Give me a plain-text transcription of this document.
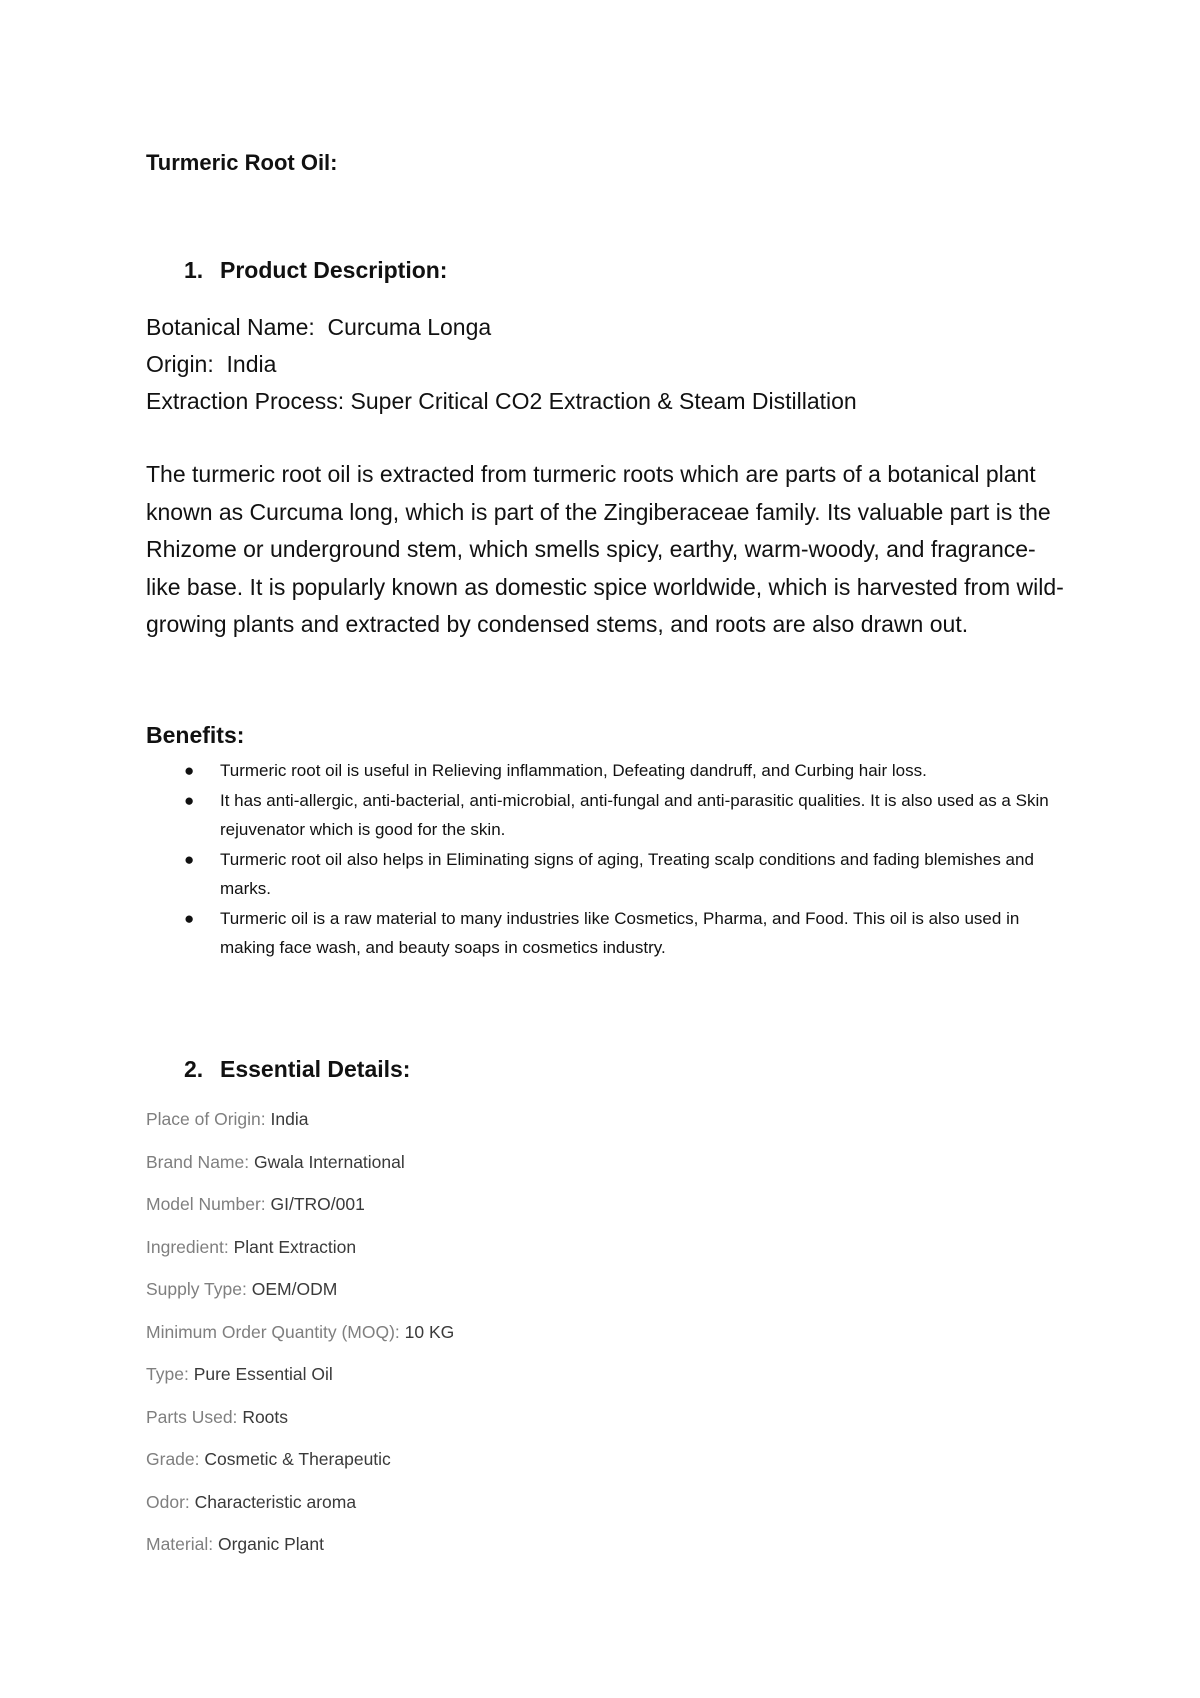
Turmeric Root Oil:
1. Product Description:
Botanical Name: Curcuma Longa
Origin: India
Extraction Process: Super Critical CO2 Extraction & Steam Distillation

The turmeric root oil is extracted from turmeric roots which are parts of a botanical plant known as Curcuma long, which is part of the Zingiberaceae family. Its valuable part is the Rhizome or underground stem, which smells spicy, earthy, warm-woody, and fragrance-like base. It is popularly known as domestic spice worldwide, which is harvested from wild-growing plants and extracted by condensed stems, and roots are also drawn out.

Benefits:
● Turmeric root oil is useful in Relieving inflammation, Defeating dandruff, and Curbing hair loss.
● It has anti-allergic, anti-bacterial, anti-microbial, anti-fungal and anti-parasitic qualities. It is also used as a Skin rejuvenator which is good for the skin.
● Turmeric root oil also helps in Eliminating signs of aging, Treating scalp conditions and fading blemishes and marks.
● Turmeric oil is a raw material to many industries like Cosmetics, Pharma, and Food. This oil is also used in making face wash, and beauty soaps in cosmetics industry.
2. Essential Details:
Place of Origin: India
Brand Name: Gwala International
Model Number: GI/TRO/001
Ingredient: Plant Extraction
Supply Type: OEM/ODM
Minimum Order Quantity (MOQ): 10 KG
Type: Pure Essential Oil
Parts Used: Roots
Grade: Cosmetic & Therapeutic
Odor: Characteristic aroma
Material: Organic Plant
